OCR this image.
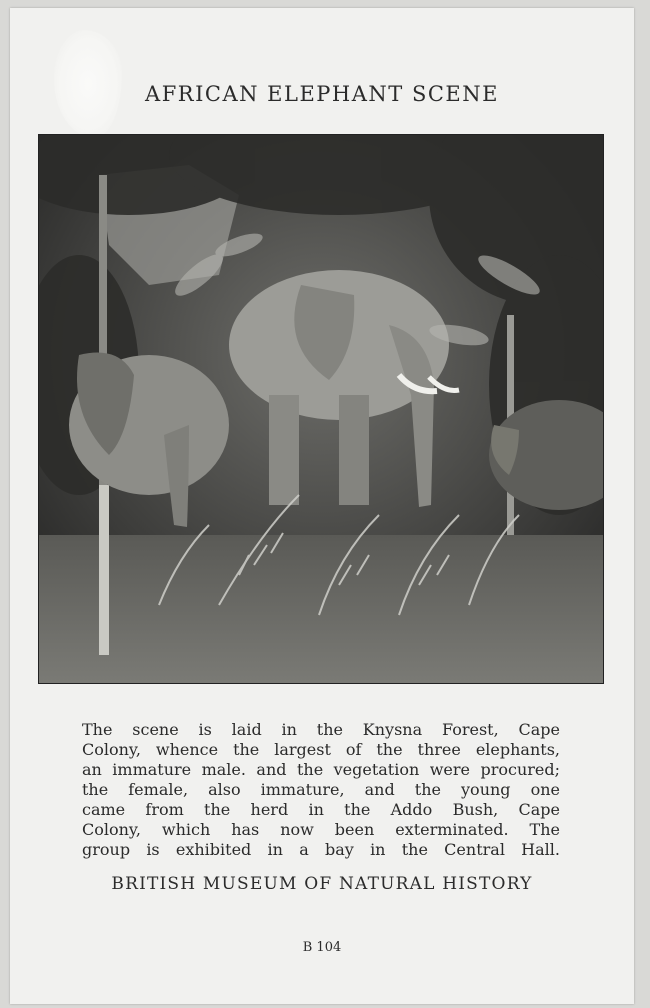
AFRICAN ELEPHANT SCENE
The scene is laid in the Knysna Forest, Cape
Colony, whence the largest of the three elephants,
an immature male. and the vegetation were procured;
the female, also immature, and the young one
came from the herd in the Addo Bush, Cape
Colony, which has now been exterminated. The
group is exhibited in a bay in the Central Hall.
BRITISH MUSEUM OF NATURAL HISTORY
B 104
